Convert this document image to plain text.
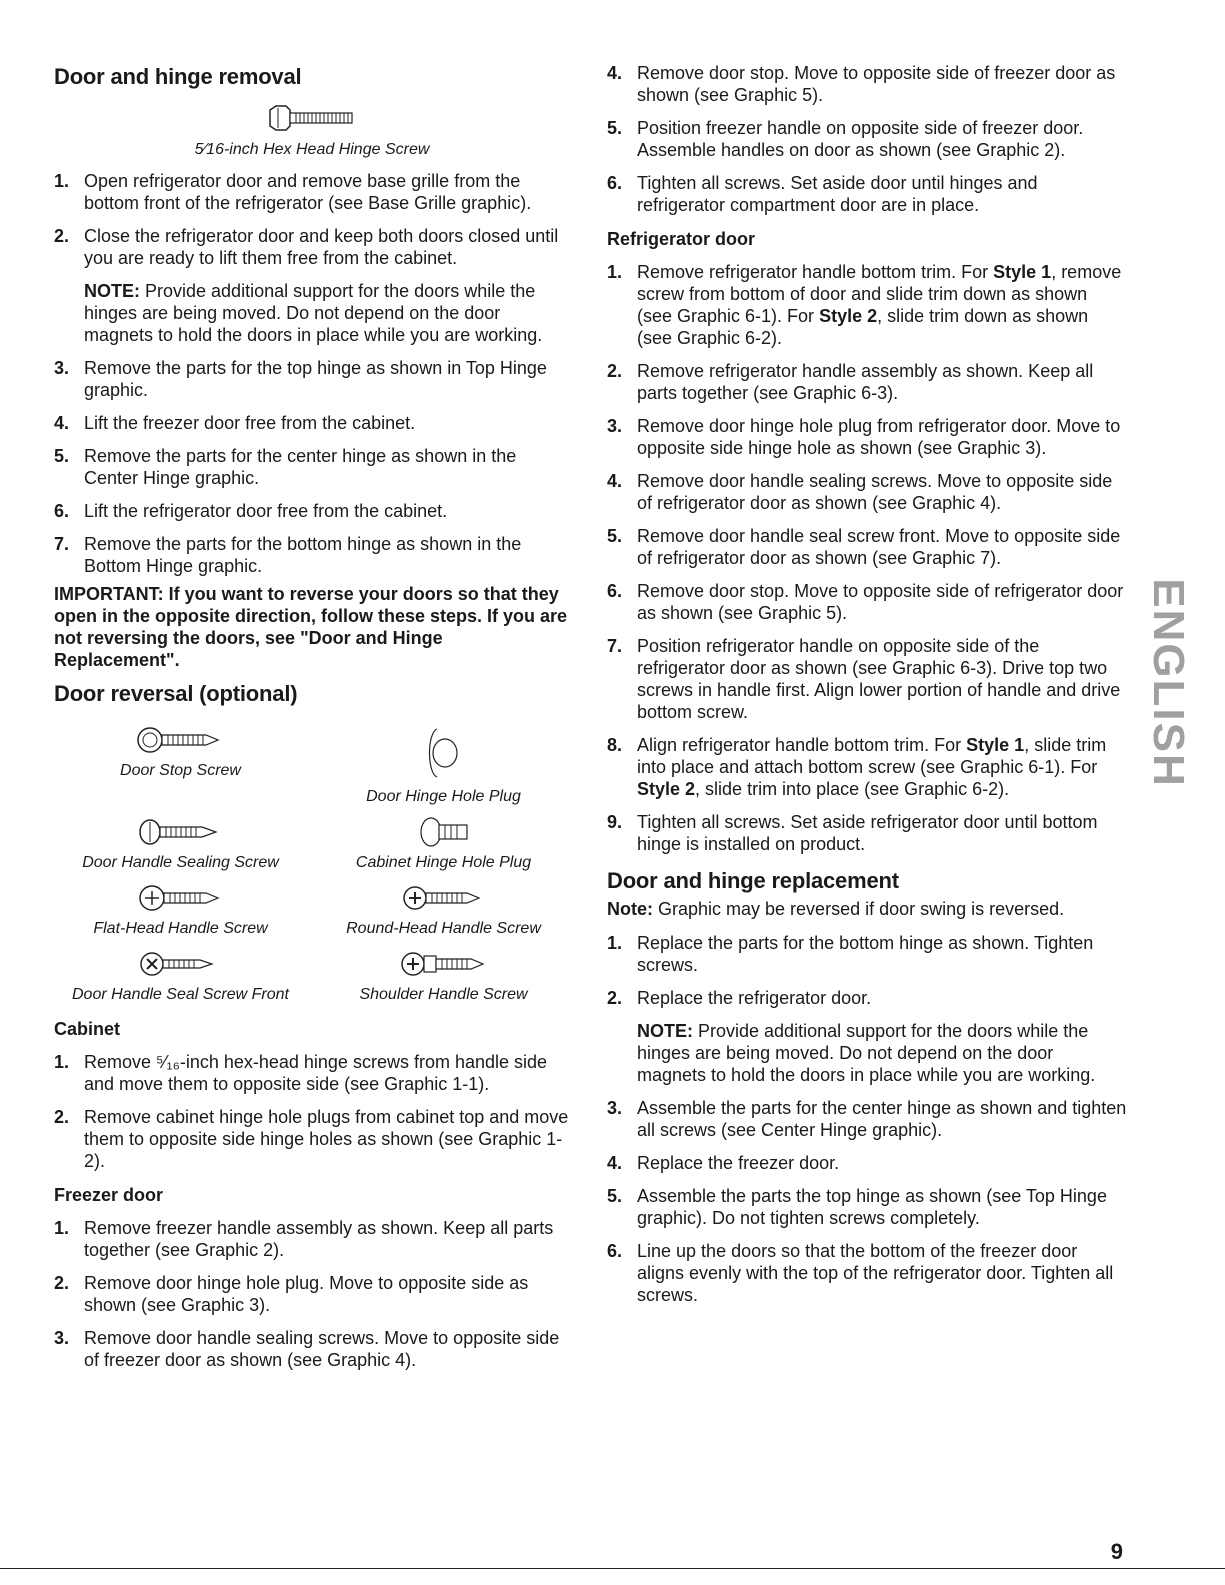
Door and hinge removal
5⁄16-inch Hex Head Hinge Screw
1. Open refrigerator door and remove base grille from the bottom front of the refrigerator (see Base Grille graphic).
2. Close the refrigerator door and keep both doors closed until you are ready to lift them free from the cabinet.
NOTE: Provide additional support for the doors while the hinges are being moved. Do not depend on the door magnets to hold the doors in place while you are working.
3. Remove the parts for the top hinge as shown in Top Hinge graphic.
4. Lift the freezer door free from the cabinet.
5. Remove the parts for the center hinge as shown in the Center Hinge graphic.
6. Lift the refrigerator door free from the cabinet.
7. Remove the parts for the bottom hinge as shown in the Bottom Hinge graphic.

IMPORTANT: If you want to reverse your doors so that they open in the opposite direction, follow these steps. If you are not reversing the doors, see "Door and Hinge Replacement".

Door reversal (optional)
Door Stop Screw
Door Hinge Hole Plug
Door Handle Sealing Screw	Cabinet Hinge Hole Plug
Flat-Head Handle Screw	Round-Head Handle Screw
Door Handle Seal Screw Front	Shoulder Handle Screw
Cabinet
1. Remove ⁵⁄₁₆-inch hex-head hinge screws from handle side and move them to opposite side (see Graphic 1-1).
2. Remove cabinet hinge hole plugs from cabinet top and move them to opposite side hinge holes as shown (see Graphic 1-2).
Freezer door
1. Remove freezer handle assembly as shown. Keep all parts together (see Graphic 2).
2. Remove door hinge hole plug. Move to opposite side as shown (see Graphic 3).
3. Remove door handle sealing screws. Move to opposite side of freezer door as shown (see Graphic 4).
4. Remove door stop. Move to opposite side of freezer door as shown (see Graphic 5).
5. Position freezer handle on opposite side of freezer door. Assemble handles on door as shown (see Graphic 2).
6. Tighten all screws. Set aside door until hinges and refrigerator compartment door are in place.
Refrigerator door
1. Remove refrigerator handle bottom trim. For Style 1, remove screw from bottom of door and slide trim down as shown (see Graphic 6-1). For Style 2, slide trim down as shown (see Graphic 6-2).
2. Remove refrigerator handle assembly as shown. Keep all parts together (see Graphic 6-3).
3. Remove door hinge hole plug from refrigerator door. Move to opposite side hinge hole as shown (see Graphic 3).
4. Remove door handle sealing screws. Move to opposite side of refrigerator door as shown (see Graphic 4).
5. Remove door handle seal screw front. Move to opposite side of refrigerator door as shown (see Graphic 7).
6. Remove door stop. Move to opposite side of refrigerator door as shown (see Graphic 5).
7. Position refrigerator handle on opposite side of the refrigerator door as shown (see Graphic 6-3). Drive top two screws in handle first. Align lower portion of handle and drive bottom screw.
8. Align refrigerator handle bottom trim. For Style 1, slide trim into place and attach bottom screw (see Graphic 6-1). For Style 2, slide trim into place (see Graphic 6-2).
9. Tighten all screws. Set aside refrigerator door until bottom hinge is installed on product.
Door and hinge replacement

Note: Graphic may be reversed if door swing is reversed.

1. Replace the parts for the bottom hinge as shown. Tighten screws.
2. Replace the refrigerator door.
NOTE: Provide additional support for the doors while the hinges are being moved. Do not depend on the door magnets to hold the doors in place while you are working.
3. Assemble the parts for the center hinge as shown and tighten all screws (see Center Hinge graphic).
4. Replace the freezer door.
5. Assemble the parts the top hinge as shown (see Top Hinge graphic). Do not tighten screws completely.
6. Line up the doors so that the bottom of the freezer door aligns evenly with the top of the refrigerator door. Tighten all screws.
ENGLISH
9
